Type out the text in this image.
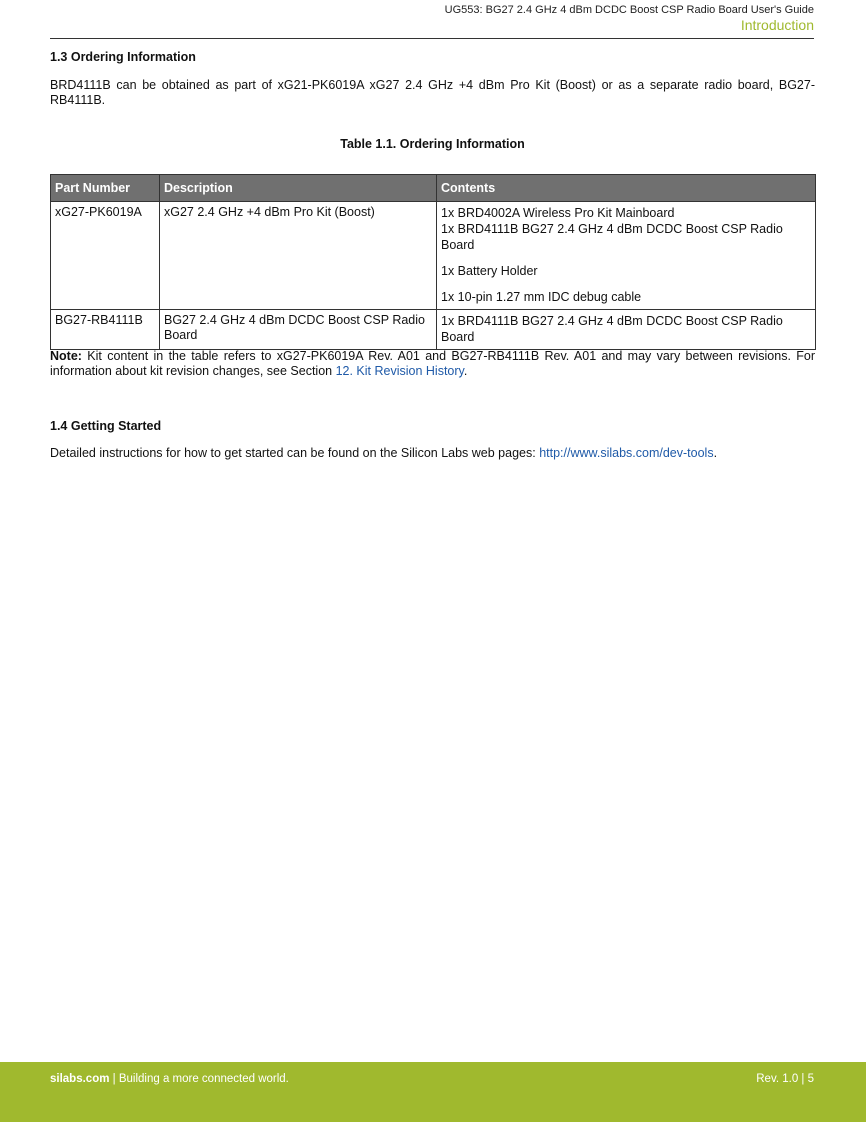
UG553: BG27 2.4 GHz 4 dBm DCDC Boost CSP Radio Board User's Guide
Introduction
1.3 Ordering Information
BRD4111B can be obtained as part of xG21-PK6019A xG27 2.4 GHz +4 dBm Pro Kit (Boost) or as a separate radio board, BG27-RB4111B.
Table 1.1. Ordering Information
Part Number	Description	Contents
xG27-PK6019A	xG27 2.4 GHz +4 dBm Pro Kit (Boost)	1x BRD4002A Wireless Pro Kit Mainboard
1x BRD4111B BG27 2.4 GHz 4 dBm DCDC Boost CSP Radio Board
1x Battery Holder
1x 10-pin 1.27 mm IDC debug cable

BG27-RB4111B	BG27 2.4 GHz 4 dBm DCDC Boost CSP Radio Board	1x BRD4111B BG27 2.4 GHz 4 dBm DCDC Boost CSP Radio Board
Note: Kit content in the table refers to xG27-PK6019A Rev. A01 and BG27-RB4111B Rev. A01 and may vary between revisions. For information about kit revision changes, see Section 12. Kit Revision History.
1.4 Getting Started
Detailed instructions for how to get started can be found on the Silicon Labs web pages: http://www.silabs.com/dev-tools.
silabs.com | Building a more connected world.	Rev. 1.0 | 5
